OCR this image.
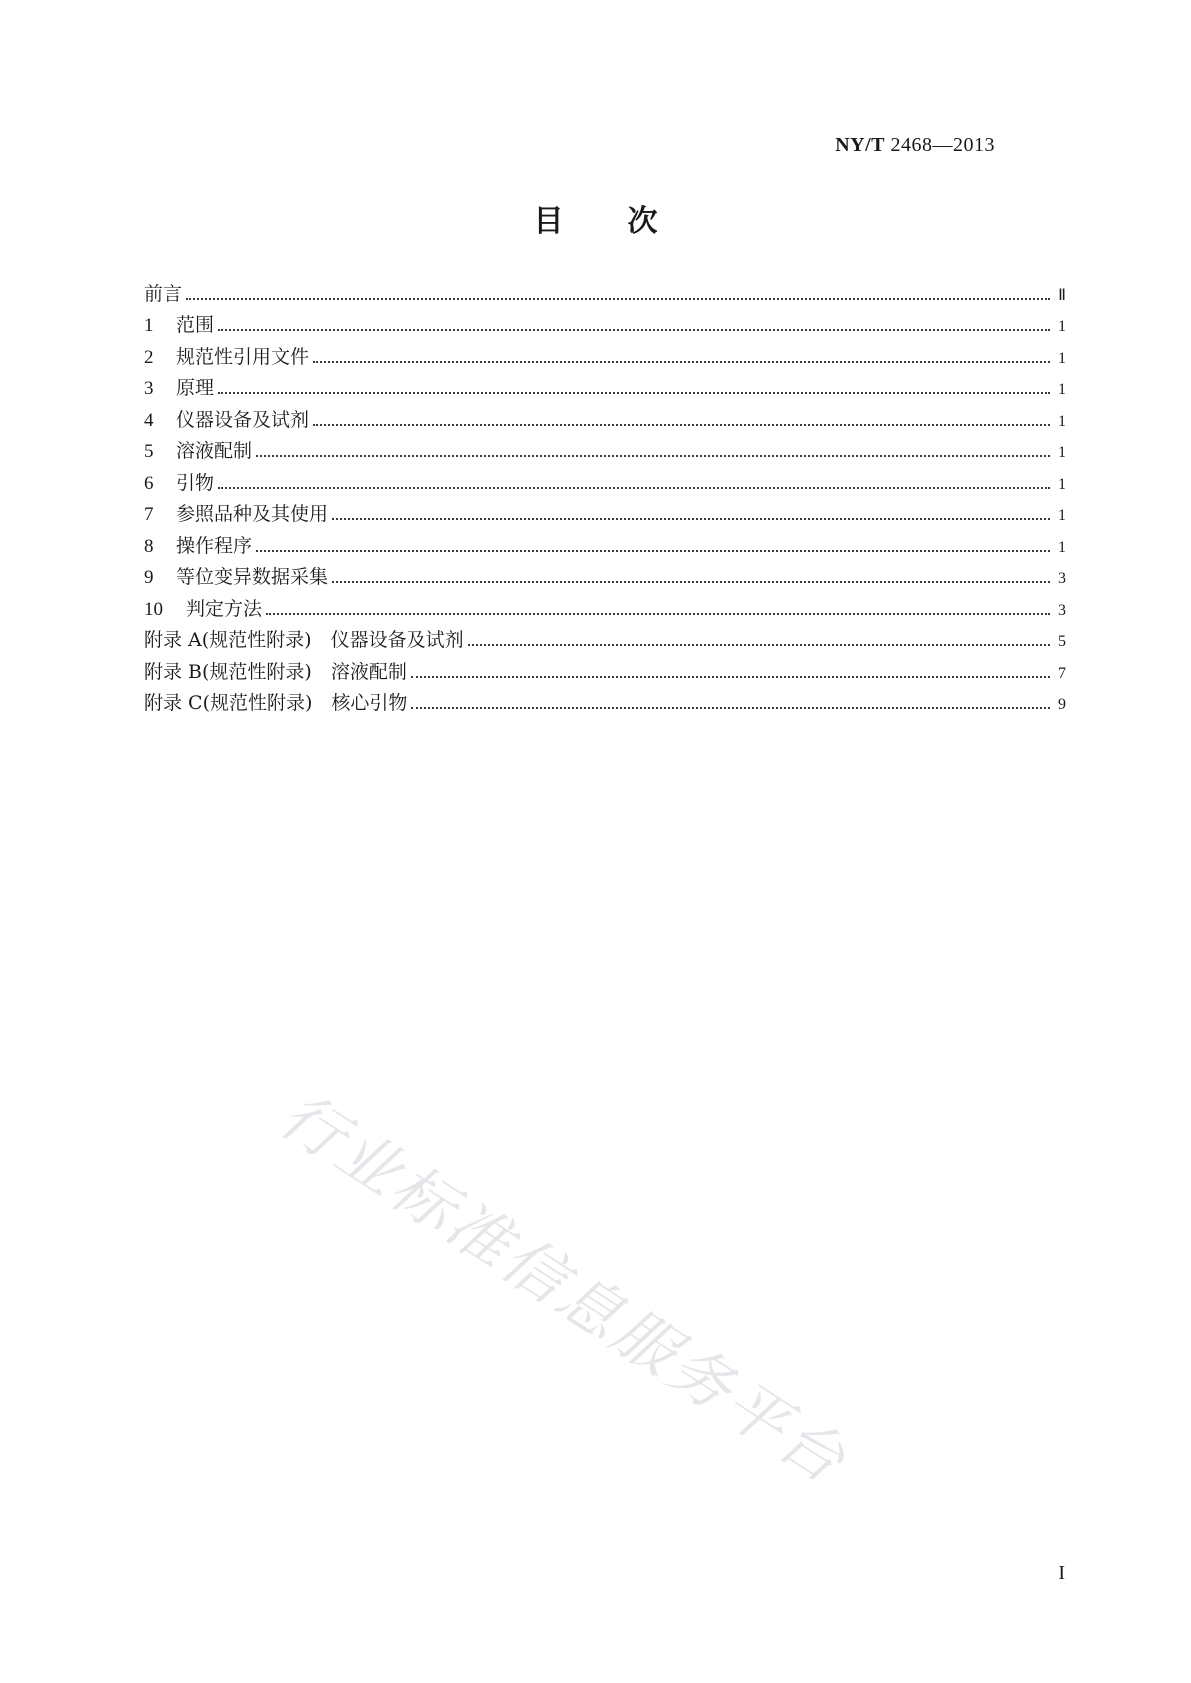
NY/T 2468—2013
目次
前言	Ⅱ
1	范围	1
2	规范性引用文件	1
3	原理	1
4	仪器设备及试剂	1
5	溶液配制	1
6	引物	1
7	参照品种及其使用	1
8	操作程序	1
9	等位变异数据采集	3
10	判定方法	3
附录 A(规范性附录)　仪器设备及试剂	5
附录 B(规范性附录)　溶液配制	7
附录 C(规范性附录)　核心引物	9
行业标准信息服务平台
I
